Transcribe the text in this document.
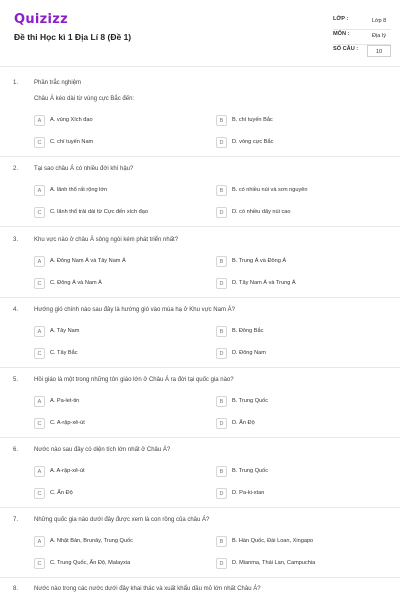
Quizizz
Đề thi Học kì 1 Địa Lí 8 (Đề 1)
LỚP :	Lớp 8
MÔN :	Địa lý
SỐ CÂU :	10
1.	Phần trắc nghiệm
Châu Á kéo dài từ vùng cực Bắc đến:
A	A. vùng Xích đạo	B	B. chí tuyến Bắc
C	C. chí tuyến Nam	D	D. vòng cực Bắc
2.	Tại sao châu Á có nhiều đới khí hậu?
A	A. lãnh thổ rất rộng lớn	B	B. có nhiều núi và sơn nguyên
C	C. lãnh thổ trải dài từ Cực đến xích đạo	D	D. có nhiều dãy núi cao
3.	Khu vực nào ở châu Á sông ngòi kém phát triển nhất?
A	A. Đông Nam Á và Tây Nam Á	B	B. Trung Á và Đông Á
C	C. Đông Á và Nam Á	D	D. Tây Nam Á và Trung Á
4.	Hướng gió chính nào sau đây là hướng gió vào mùa hạ ở Khu vực Nam Á?
A	A. Tây Nam	B	B. Đông Bắc
C	C. Tây Bắc	D	D. Đông Nam
5.	Hồi giáo là một trong những tôn giáo lớn ở Châu Á ra đời tại quốc gia nào?
A	A. Pa-let-tin	B	B. Trung Quốc
C	C. A-rập-xê-út	D	D. Ấn Độ
6.	Nước nào sau đây có diện tích lớn nhất ở Châu Á?
A	A. A-rập-xê-út	B	B. Trung Quốc
C	C. Ấn Độ	D	D. Pa-ki-xtan
7.	Những quốc gia nào dưới đây được xem là con rồng của châu Á?
A	A. Nhật Bản, Brunây, Trung Quốc	B	B. Hàn Quốc, Đài Loan, Xingapo
C	C. Trung Quốc, Ấn Độ, Malayxia	D	D. Mianma, Thái Lan, Campuchia
8.	Nước nào trong các nước dưới đây khai thác và xuất khẩu dầu mỏ lớn nhất Châu Á?
